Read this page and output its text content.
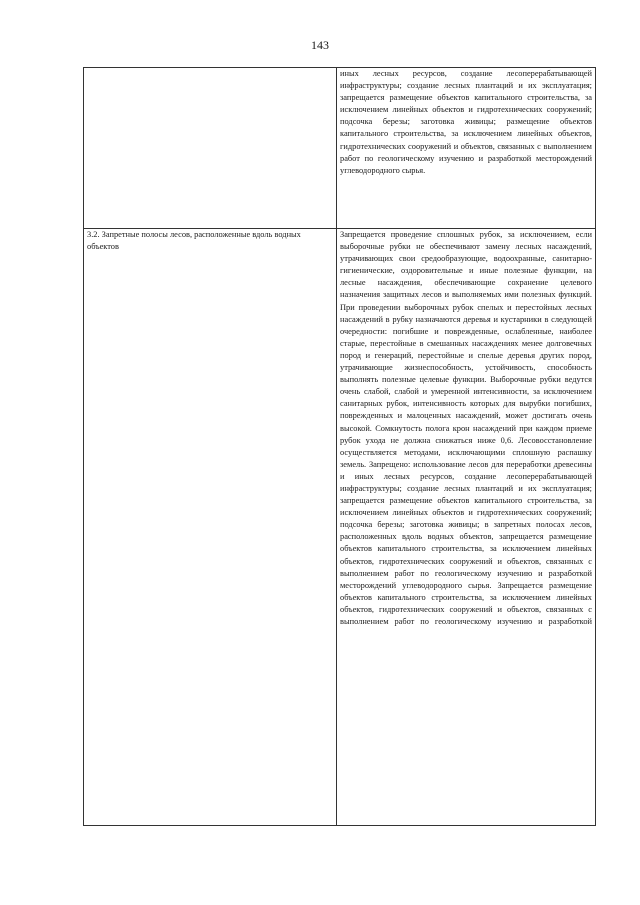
143

	иных лесных ресурсов, создание лесоперерабатывающей инфраструктуры; создание лесных плантаций и их эксплуатация; запрещается размещение объектов капитального строительства, за исключением линейных объектов и гидротехнических сооружений; подсочка березы; заготовка живицы; размещение объектов капитального строительства, за исключением линейных объектов, гидротехнических сооружений и объектов, связанных с выполнением работ по геологическому изучению и разработкой месторождений углеводородного сырья.

3.2. Запретные полосы лесов, расположенные вдоль водных объектов	Запрещается проведение сплошных рубок, за исключением, если выборочные рубки не обеспечивают замену лесных насаждений, утрачивающих свои средообразующие, водоохранные, санитарно-гигиенические, оздоровительные и иные полезные функции, на лесные насаждения, обеспечивающие сохранение целевого назначения защитных лесов и выполняемых ими полезных функций. При проведении выборочных рубок спелых и перестойных лесных насаждений в рубку назначаются деревья и кустарники в следующей очередности: погибшие и поврежденные, ослабленные, наиболее старые, перестойные в смешанных насаждениях менее долговечных пород и генераций, перестойные и спелые деревья других пород, утрачивающие жизнеспособность, устойчивость, способность выполнять полезные целевые функции. Выборочные рубки ведутся очень слабой, слабой и умеренной интенсивности, за исключением санитарных рубок, интенсивность которых для вырубки погибших, поврежденных и малоценных насаждений, может достигать очень высокой. Сомкнутость полога крон насаждений при каждом приеме рубок ухода не должна снижаться ниже 0,6. Лесовосстановление осуществляется методами, исключающими сплошную распашку земель. Запрещено: использование лесов для переработки древесины и иных лесных ресурсов, создание лесоперерабатывающей инфраструктуры; создание лесных плантаций и их эксплуатация; запрещается размещение объектов капитального строительства, за исключением линейных объектов и гидротехнических сооружений; подсочка березы; заготовка живицы; в запретных полосах лесов, расположенных вдоль водных объектов, запрещается размещение объектов капитального строительства, за исключением линейных объектов, гидротехнических сооружений и объектов, связанных с выполнением работ по геологическому изучению и разработкой месторождений углеводородного сырья. Запрещается размещение объектов капитального строительства, за исключением линейных объектов, гидротехнических сооружений и объектов, связанных с выполнением работ по геологическому изучению и разработкой
